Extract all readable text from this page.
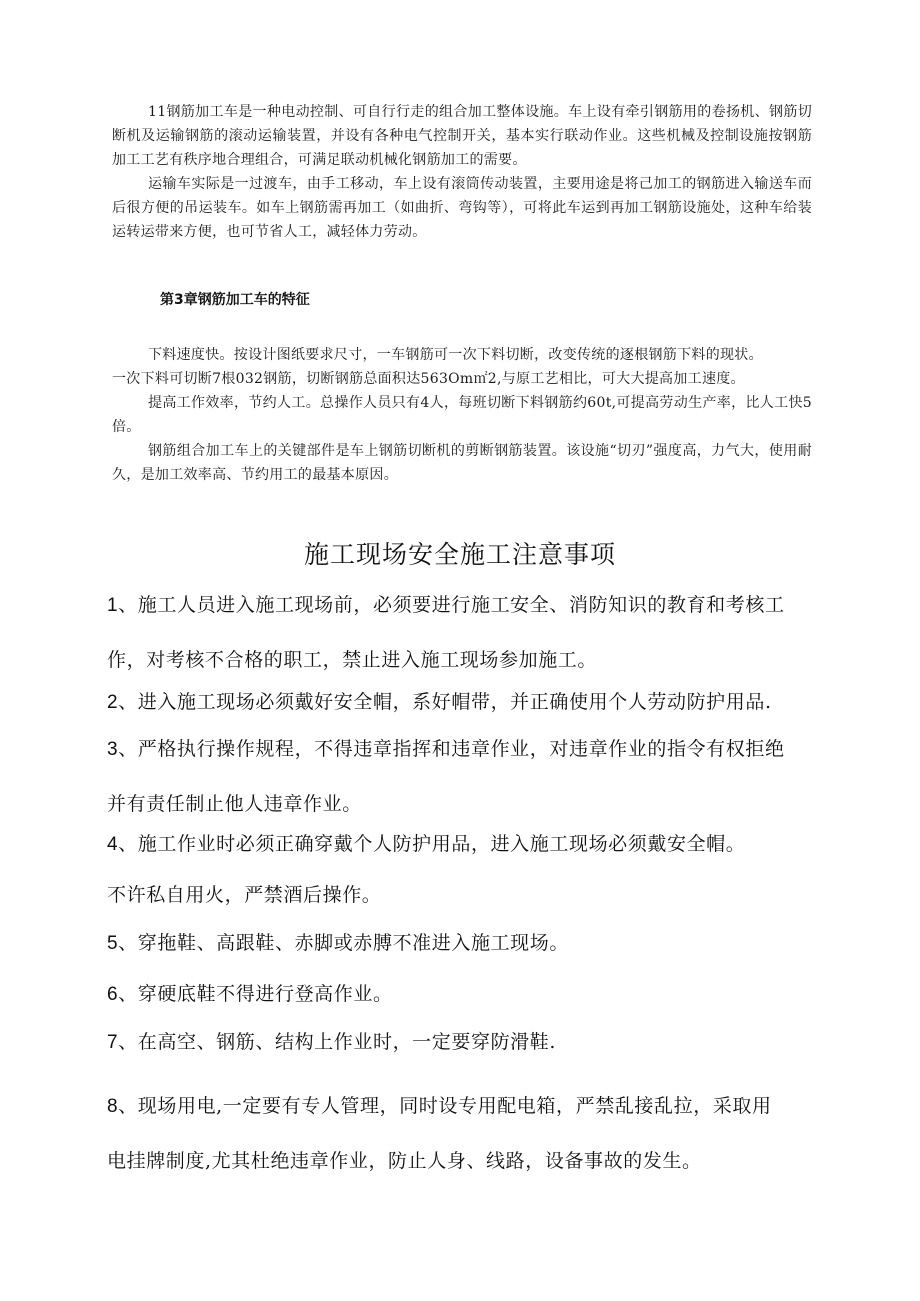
11钢筋加工车是一种电动控制、可自行行走的组合加工整体设施。车上设有牵引钢筋用的卷扬机、钢筋切断机及运输钢筋的滚动运输装置，并设有各种电气控制开关，基本实行联动作业。这些机械及控制设施按钢筋加工工艺有秩序地合理组合，可满足联动机械化钢筋加工的需要。

运输车实际是一过渡车，由手工移动，车上设有滚筒传动装置，主要用途是将己加工的钢筋进入输送车而后很方便的吊运装车。如车上钢筋需再加工（如曲折、弯钩等），可将此车运到再加工钢筋设施处，这种车给装运转运带来方便，也可节省人工，减轻体力劳动。

第3章钢筋加工车的特征

下料速度快。按设计图纸要求尺寸，一车钢筋可一次下料切断，改变传统的逐根钢筋下料的现状。

一次下料可切断7根032钢筋，切断钢筋总面积达563Om㎡2,与原工艺相比，可大大提高加工速度。

提高工作效率，节约人工。总操作人员只有4人，每班切断下料钢筋约60t,可提高劳动生产率，比人工快5倍。

钢筋组合加工车上的关键部件是车上钢筋切断机的剪断钢筋装置。该设施“切刃”强度高，力气大，使用耐久，是加工效率高、节约用工的最基本原因。

施工现场安全施工注意事项
1、施工人员进入施工现场前，必须要进行施工安全、消防知识的教育和考核工
作，对考核不合格的职工，禁止进入施工现场参加施工。
2、进入施工现场必须戴好安全帽，系好帽带，并正确使用个人劳动防护用品.
3、严格执行操作规程，不得违章指挥和违章作业，对违章作业的指令有权拒绝
并有责任制止他人违章作业。
4、施工作业时必须正确穿戴个人防护用品，进入施工现场必须戴安全帽。
不许私自用火，严禁酒后操作。
5、穿拖鞋、高跟鞋、赤脚或赤膊不准进入施工现场。
6、穿硬底鞋不得进行登高作业。
7、在高空、钢筋、结构上作业时，一定要穿防滑鞋.
8、现场用电,一定要有专人管理，同时设专用配电箱，严禁乱接乱拉，采取用
电挂牌制度,尤其杜绝违章作业，防止人身、线路，设备事故的发生。
